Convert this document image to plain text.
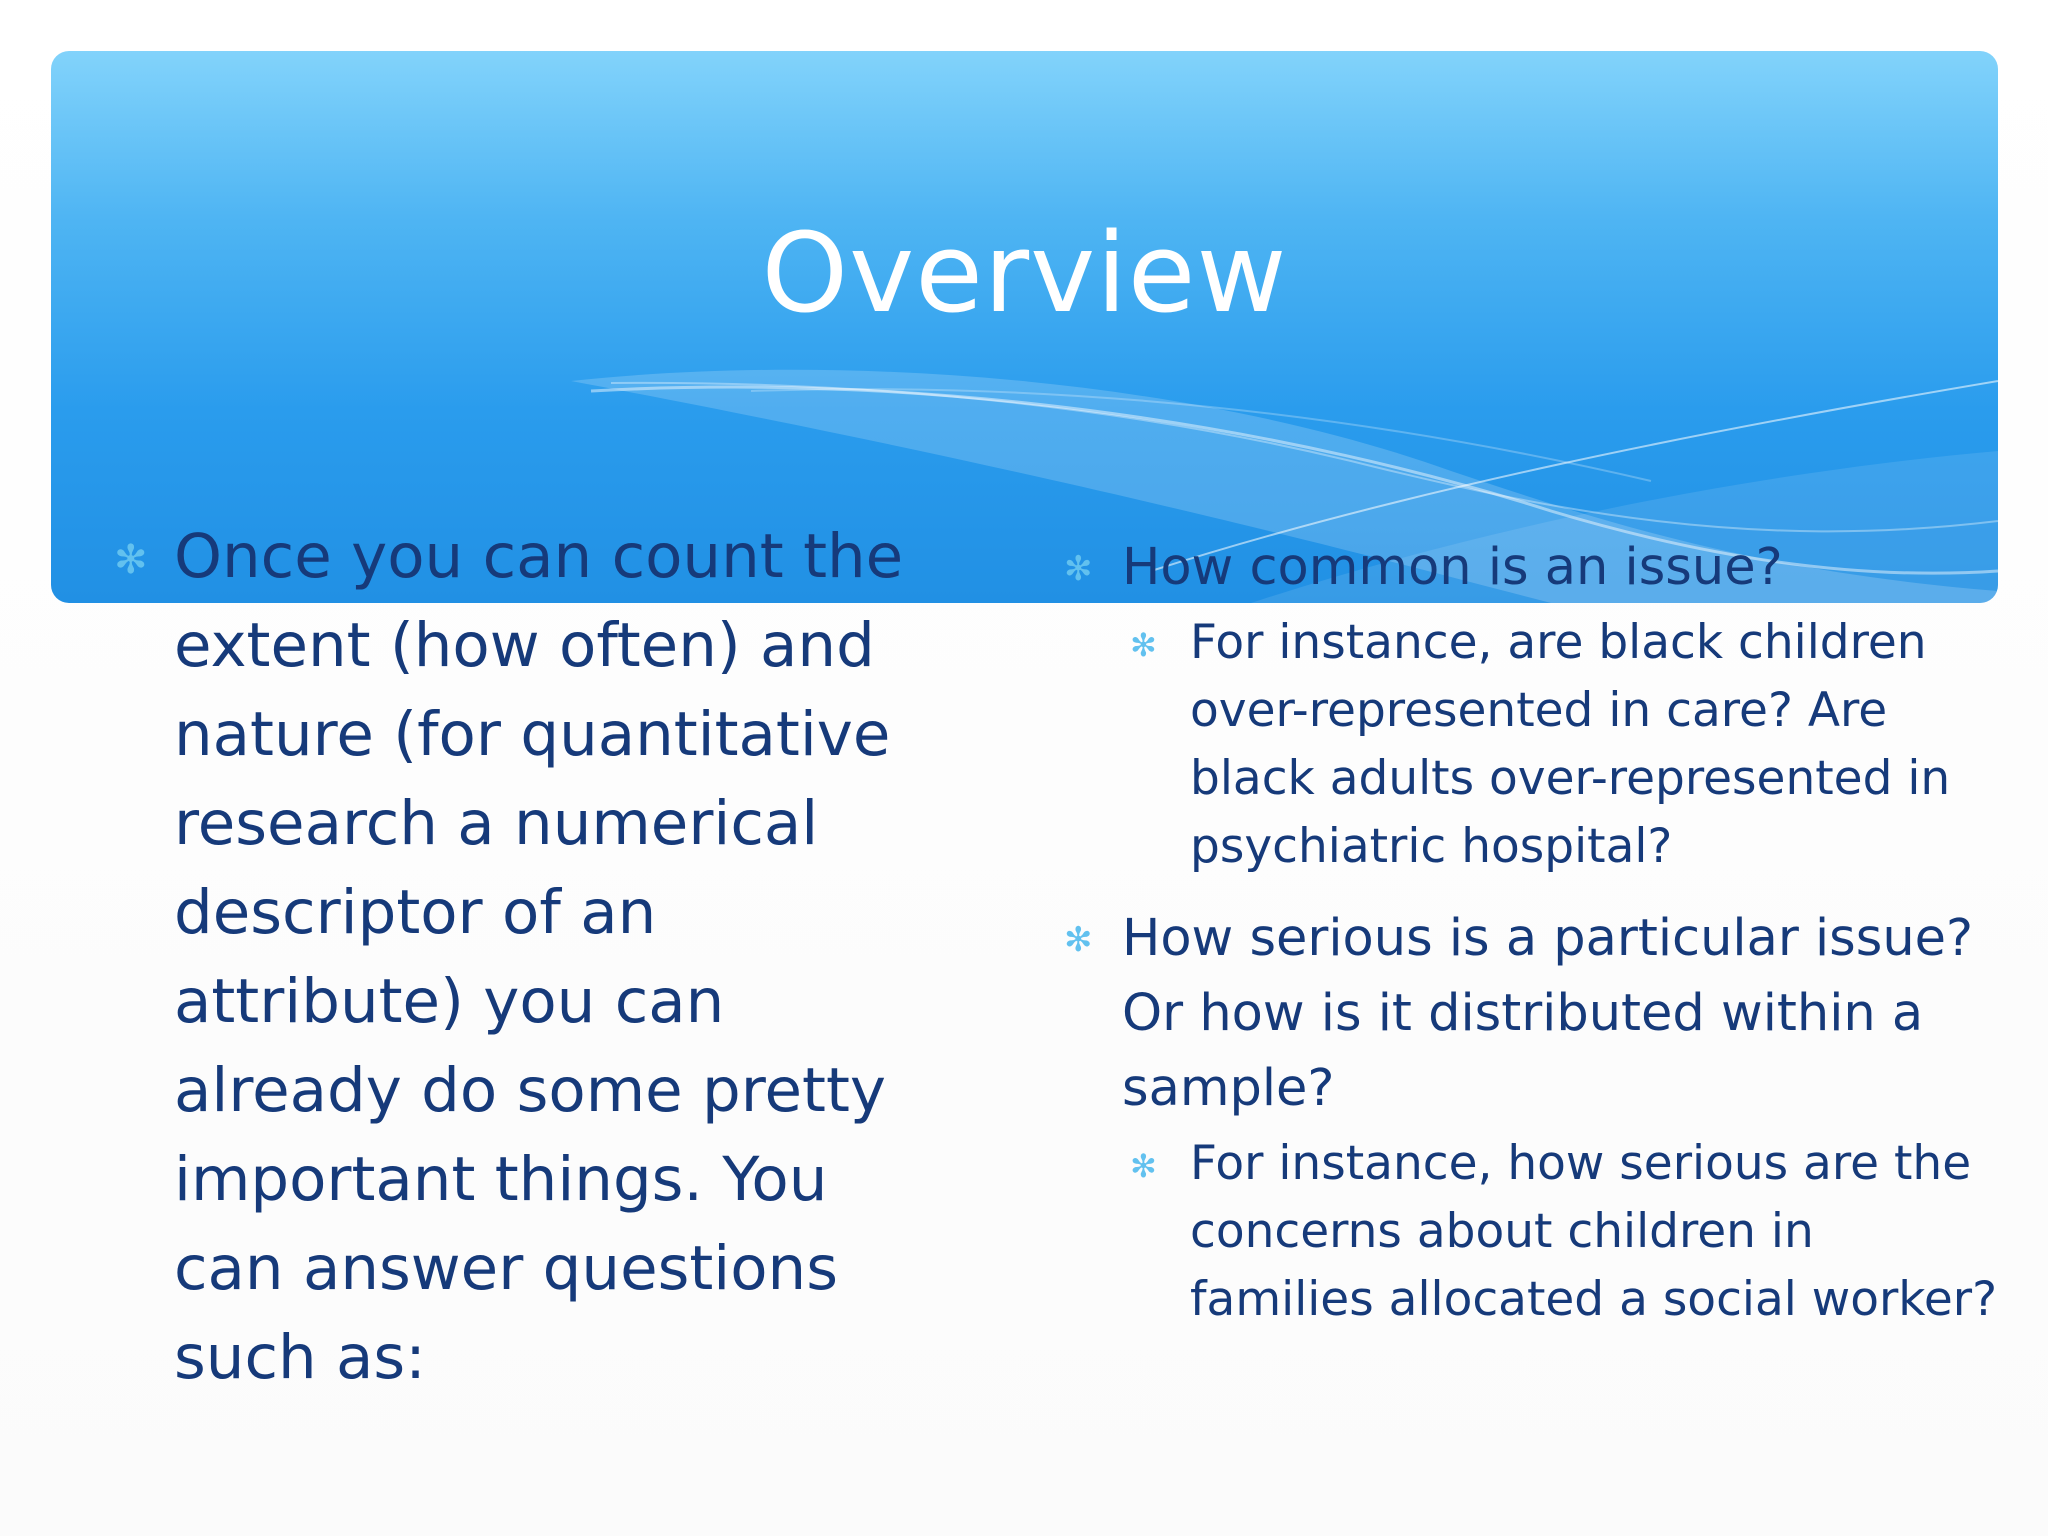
Overview
✻ Once you can count the extent (how often) and nature (for quantitative research a numerical descriptor of an attribute) you can already do some pretty important things. You can answer questions such as:
✻ How common is an issue?
✻ For instance, are black children over-represented in care? Are black adults over-represented in psychiatric hospital?
✻ How serious is a particular issue? Or how is it distributed within a sample?
✻ For instance, how serious are the concerns about children in families allocated a social worker?
